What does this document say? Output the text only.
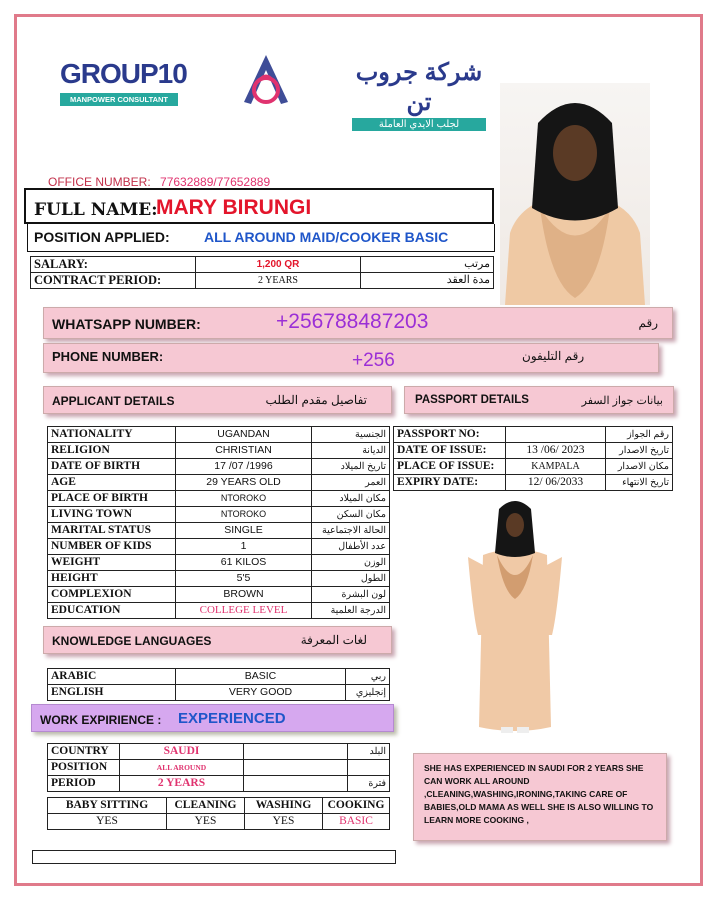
GROUP10
MANPOWER CONSULTANT
شركة جروب تن
لجلب الايدي العاملة
OFFICE NUMBER: 77632889/77652889
FULL NAME:
MARY BIRUNGI
POSITION APPLIED: ALL AROUND MAID/COOKER BASIC
SALARY:	1,200 QR	مرتب
CONTRACT PERIOD:	2 YEARS	مدة العقد
WHATSAPP NUMBER:	+256788487203	رقم
PHONE NUMBER:	+256	رقم التليفون
APPLICANT DETAILS	تفاصيل مقدم الطلب	PASSPORT DETAILS	بيانات جواز السفر
NATIONALITY	UGANDAN	الجنسية
RELIGION	CHRISTIAN	الديانة
DATE OF BIRTH	17 /07 /1996	تاريخ الميلاد
AGE	29 YEARS OLD	العمر
PLACE OF BIRTH	NTOROKO	مكان الميلاد
LIVING TOWN	NTOROKO	مكان السكن
MARITAL STATUS	SINGLE	الحالة الاجتماعية
NUMBER OF KIDS	1	عدد الأطفال
WEIGHT	61 KILOS	الوزن
HEIGHT	5'5	الطول
COMPLEXION	BROWN	لون البشرة
EDUCATION	COLLEGE LEVEL	الدرجة العلمية
PASSPORT NO:		رقم الجواز
DATE OF ISSUE:	13 /06/ 2023	تاريخ الاصدار
PLACE OF ISSUE:	KAMPALA	مكان الاصدار
EXPIRY DATE:	12/ 06/2033	تاريخ الانتهاء
KNOWLEDGE LANGUAGES	لغات المعرفة
ARABIC	BASIC	ربي
ENGLISH	VERY GOOD	إنجليزي
WORK EXPIRIENCE : EXPERIENCED
COUNTRY	SAUDI		البلد
POSITION	ALL AROUND		
PERIOD	2 YEARS		فترة
BABY SITTING	CLEANING	WASHING	COOKING
YES	YES	YES	BASIC
SHE HAS EXPERIENCED IN SAUDI FOR 2 YEARS SHE CAN WORK ALL AROUND ,CLEANING,WASHING,IRONING,TAKING CARE OF BABIES,OLD MAMA AS WELL SHE IS ALSO WILLING TO LEARN MORE COOKING ,
